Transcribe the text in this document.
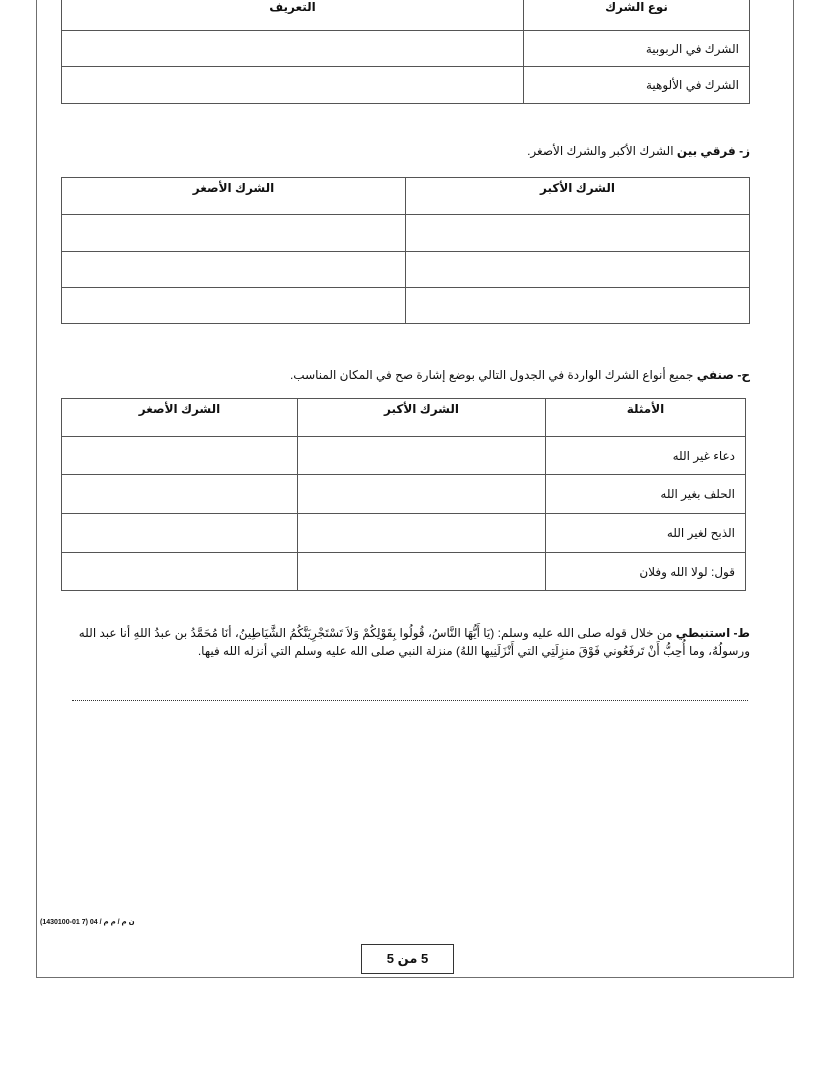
نوع الشرك	التعريف
الشرك في الربوبية	
الشرك في الألوهية	
ز- فرقي بين الشرك الأكبر والشرك الأصغر.
الشرك الأكبر	الشرك الأصغر

ح- صنفي جميع أنواع الشرك الواردة في الجدول التالي بوضع إشارة صح في المكان المناسب.
الأمثلة	الشرك الأكبر	الشرك الأصغر
دعاء غير الله		
الحلف بغير الله		
الذبح لغير الله		
قول: لولا الله وفلان		
ط- استنبطي من خلال قوله صلى الله عليه وسلم: (يَا أَيُّهَا النَّاسُ، قُولُوا بِقَوْلِكُمْ وَلاَ تَسْتَجْرِيَنَّكُمُ الشَّيَاطِينُ، أنَا مُحَمَّدُ بن عبدُ اللهِ أنا عبد الله
ورسولُهُ، وما أُحِبُّ أَنْ تَرفَعُوني فَوْقَ منزِلَتِي التي أَنْزَلَنِيها اللهُ) منزلة النبي صلى الله عليه وسلم التي أنزله الله فيها.
ن م / م م / 04 (7 01-1430100)
5 من 5
